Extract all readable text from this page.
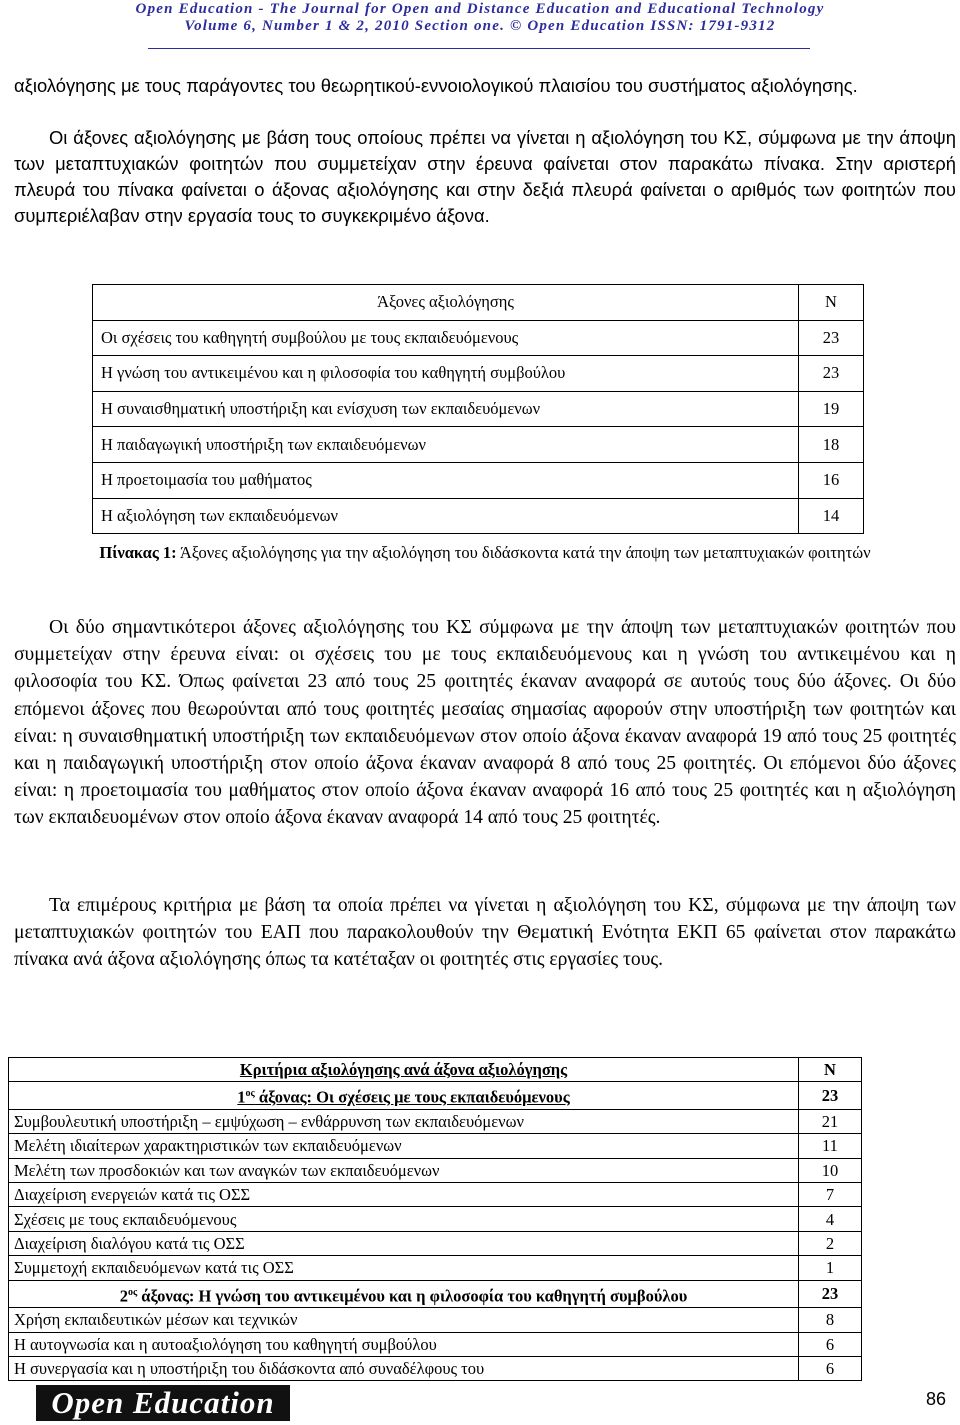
Open Education - The Journal for Open and Distance Education and Educational Technology
Volume 6, Number 1 & 2, 2010 Section one. © Open Education ISSN: 1791-9312

αξιολόγησης με τους παράγοντες του θεωρητικού-εννοιολογικού πλαισίου του συστήματος αξιολόγησης.

Οι άξονες αξιολόγησης με βάση τους οποίους πρέπει να γίνεται η αξιολόγηση του ΚΣ, σύμφωνα με την άποψη των μεταπτυχιακών φοιτητών που συμμετείχαν στην έρευνα φαίνεται στον παρακάτω πίνακα. Στην αριστερή πλευρά του πίνακα φαίνεται ο άξονας αξιολόγησης και στην δεξιά πλευρά φαίνεται ο αριθμός των φοιτητών που συμπεριέλαβαν στην εργασία τους το συγκεκριμένο άξονα.

Άξονες αξιολόγησης	N
Οι σχέσεις του καθηγητή συμβούλου με τους εκπαιδευόμενους	23
Η γνώση του αντικειμένου και η φιλοσοφία του καθηγητή συμβούλου	23
Η συναισθηματική υποστήριξη και ενίσχυση των εκπαιδευόμενων	19
Η παιδαγωγική υποστήριξη των εκπαιδευόμενων	18
Η προετοιμασία του μαθήματος	16
Η αξιολόγηση των εκπαιδευόμενων	14
Πίνακας 1: Άξονες αξιολόγησης για την αξιολόγηση του διδάσκοντα κατά την άποψη των μεταπτυχιακών φοιτητών

Οι δύο σημαντικότεροι άξονες αξιολόγησης του ΚΣ σύμφωνα με την άποψη των μεταπτυχιακών φοιτητών που συμμετείχαν στην έρευνα είναι: οι σχέσεις του με τους εκπαιδευόμενους και η γνώση του αντικειμένου και η φιλοσοφία του ΚΣ. Όπως φαίνεται 23 από τους 25 φοιτητές έκαναν αναφορά σε αυτούς τους δύο άξονες. Οι δύο επόμενοι άξονες που θεωρούνται από τους φοιτητές μεσαίας σημασίας αφορούν στην υποστήριξη των φοιτητών και είναι: η συναισθηματική υποστήριξη των εκπαιδευόμενων στον οποίο άξονα έκαναν αναφορά 19 από τους 25 φοιτητές και η παιδαγωγική υποστήριξη στον οποίο άξονα έκαναν αναφορά 8 από τους 25 φοιτητές. Οι επόμενοι δύο άξονες είναι: η προετοιμασία του μαθήματος στον οποίο άξονα έκαναν αναφορά 16 από τους 25 φοιτητές και η αξιολόγηση των εκπαιδευομένων στον οποίο άξονα έκαναν αναφορά 14 από τους 25 φοιτητές.

Τα επιμέρους κριτήρια με βάση τα οποία πρέπει να γίνεται η αξιολόγηση του ΚΣ, σύμφωνα με την άποψη των μεταπτυχιακών φοιτητών του ΕΑΠ που παρακολουθούν την Θεματική Ενότητα ΕΚΠ 65 φαίνεται στον παρακάτω πίνακα ανά άξονα αξιολόγησης όπως τα κατέταξαν οι φοιτητές στις εργασίες τους.

Κριτήρια αξιολόγησης ανά άξονα αξιολόγησης	N
$1^{o\varsigma}$ άξονας: Οι σχέσεις με τους εκπαιδευόμενους	23
Συμβουλευτική υποστήριξη – εμψύχωση – ενθάρρυνση των εκπαιδευόμενων	21
Μελέτη ιδιαίτερων χαρακτηριστικών των εκπαιδευόμενων	11
Μελέτη των προσδοκιών και των αναγκών των εκπαιδευόμενων	10
Διαχείριση ενεργειών κατά τις ΟΣΣ	7
Σχέσεις με τους εκπαιδευόμενους	4
Διαχείριση διαλόγου κατά τις ΟΣΣ	2
Συμμετοχή εκπαιδευόμενων κατά τις ΟΣΣ	1
$2^{o\varsigma}$ άξονας: Η γνώση του αντικειμένου και η φιλοσοφία του καθηγητή συμβούλου	23
Χρήση εκπαιδευτικών μέσων και τεχνικών	8
Η αυτογνωσία και η αυτοαξιολόγηση του καθηγητή συμβούλου	6
Η συνεργασία και η υποστήριξη του διδάσκοντα από συναδέλφους του	6
Open Education	86
